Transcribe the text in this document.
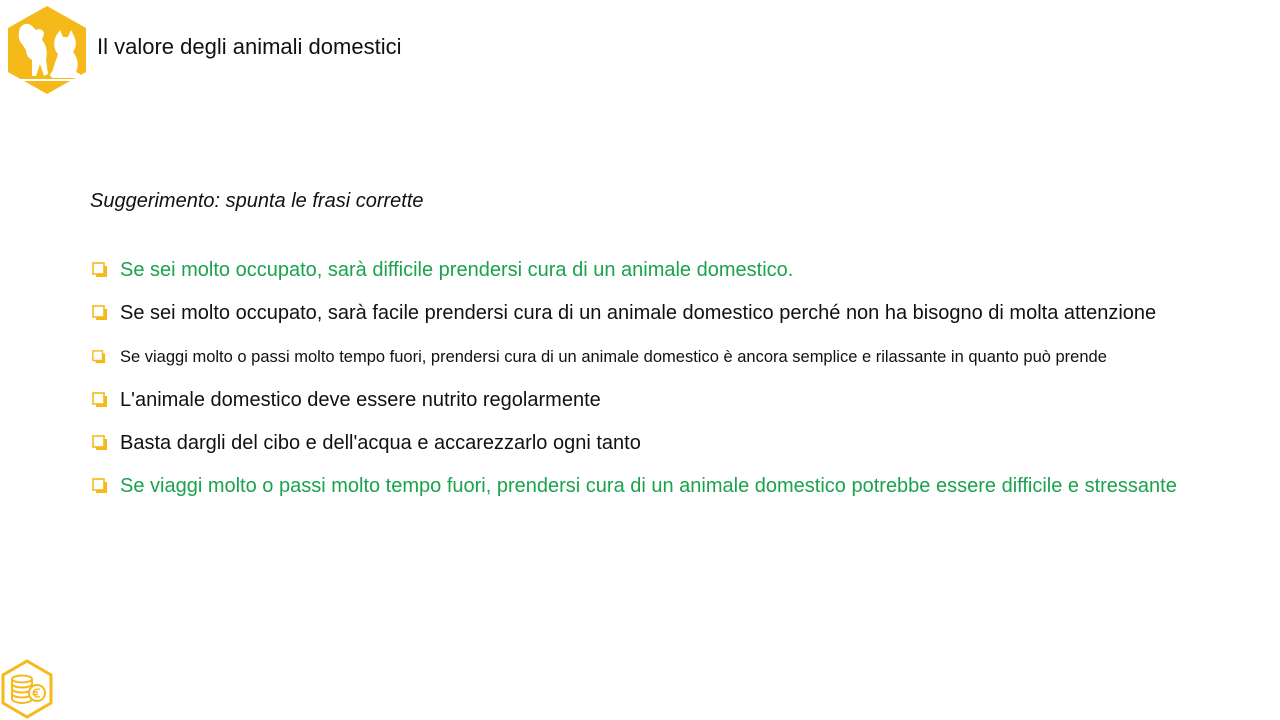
Il valore degli animali domestici
Suggerimento: spunta le frasi corrette
Se sei molto occupato, sarà difficile prendersi cura di un animale domestico.
Se sei molto occupato, sarà facile prendersi cura di un animale domestico perché non ha bisogno di molta attenzione
Se viaggi molto o passi molto tempo fuori, prendersi cura di un animale domestico è ancora semplice e rilassante in quanto può prende
L'animale domestico deve essere nutrito regolarmente
Basta dargli del cibo e dell'acqua e accarezzarlo ogni tanto
Se viaggi molto o passi molto tempo fuori, prendersi cura di un animale domestico potrebbe essere difficile e stressante
